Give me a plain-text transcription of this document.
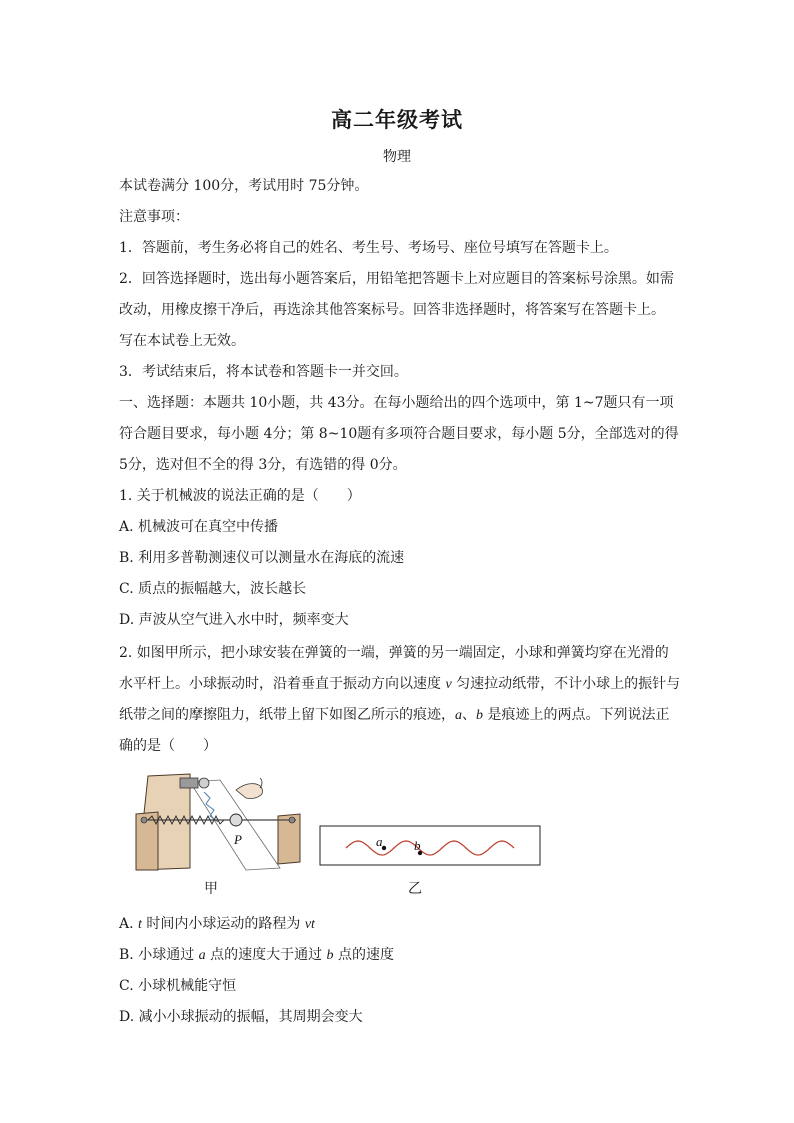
高二年级考试
物理
本试卷满分 100分，考试用时 75分钟。
注意事项：
1．答题前，考生务必将自己的姓名、考生号、考场号、座位号填写在答题卡上。
2．回答选择题时，选出每小题答案后，用铅笔把答题卡上对应题目的答案标号涂黑。如需
改动，用橡皮擦干净后，再选涂其他答案标号。回答非选择题时，将答案写在答题卡上。
写在本试卷上无效。
3．考试结束后，将本试卷和答题卡一并交回。
一、选择题：本题共 10小题，共 43分。在每小题给出的四个选项中，第 1~7题只有一项
符合题目要求，每小题 4分；第 8~10题有多项符合题目要求，每小题 5分，全部选对的得
5分，选对但不全的得 3分，有选错的得 0分。
1. 关于机械波的说法正确的是（　　）
A. 机械波可在真空中传播
B. 利用多普勒测速仪可以测量水在海底的流速
C. 质点的振幅越大，波长越长
D. 声波从空气进入水中时，频率变大
2. 如图甲所示，把小球安装在弹簧的一端，弹簧的另一端固定，小球和弹簧均穿在光滑的
水平杆上。小球振动时，沿着垂直于振动方向以速度 v 匀速拉动纸带，不计小球上的振针与
纸带之间的摩擦阻力，纸带上留下如图乙所示的痕迹，a、b 是痕迹上的两点。下列说法正
确的是（　　）
P	a b
甲	乙
A. t 时间内小球运动的路程为 vt
B. 小球通过 a 点的速度大于通过 b 点的速度
C. 小球机械能守恒
D. 减小小球振动的振幅，其周期会变大
